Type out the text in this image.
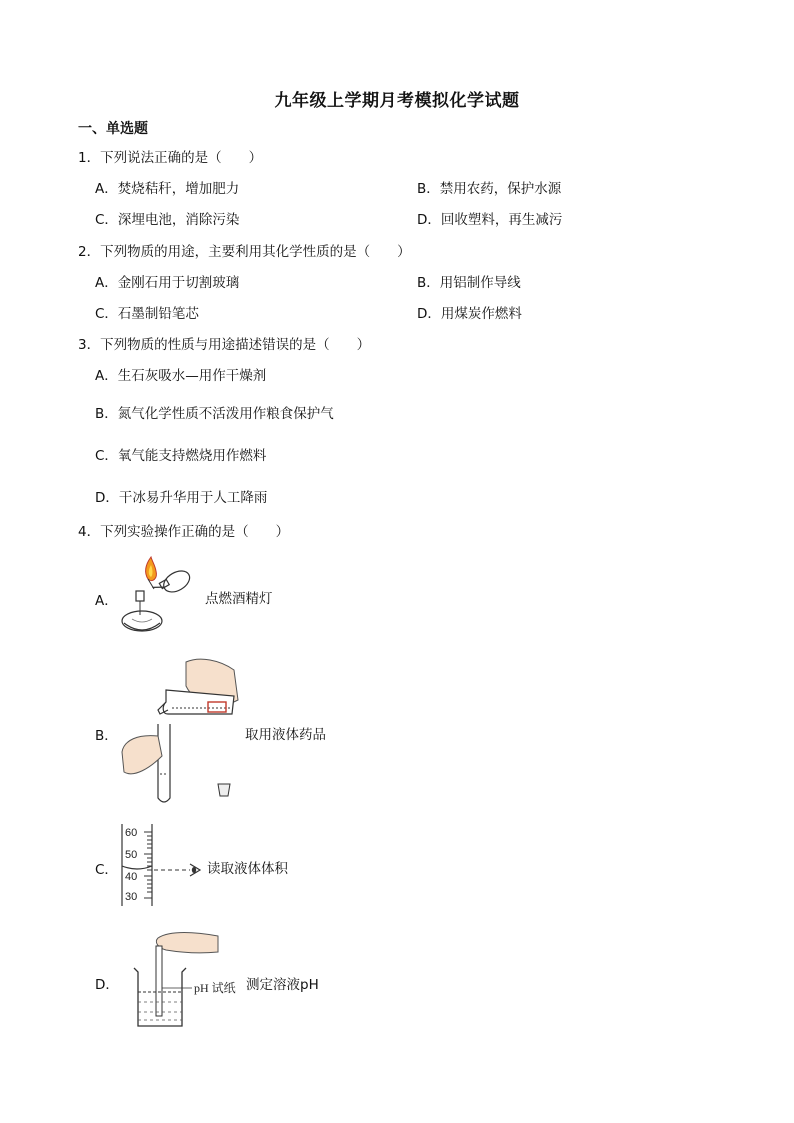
九年级上学期月考模拟化学试题
一、单选题
1．下列说法正确的是（　　）
A．焚烧秸秆，增加肥力	B．禁用农药，保护水源
C．深埋电池，消除污染	D．回收塑料，再生减污
2．下列物质的用途，主要利用其化学性质的是（　　）
A．金刚石用于切割玻璃	B．用铝制作导线
C．石墨制铅笔芯	D．用煤炭作燃料
3．下列物质的性质与用途描述错误的是（　　）
A．生石灰吸水—用作干燥剂
B．氮气化学性质不活泼用作粮食保护气
C．氧气能支持燃烧用作燃料
D．干冰易升华用于人工降雨
4．下列实验操作正确的是（　　）
A．	点燃酒精灯
B．	取用液体药品
C．
60
50
40
30
读取液体体积
D．	pH 试纸 测定溶液pH
